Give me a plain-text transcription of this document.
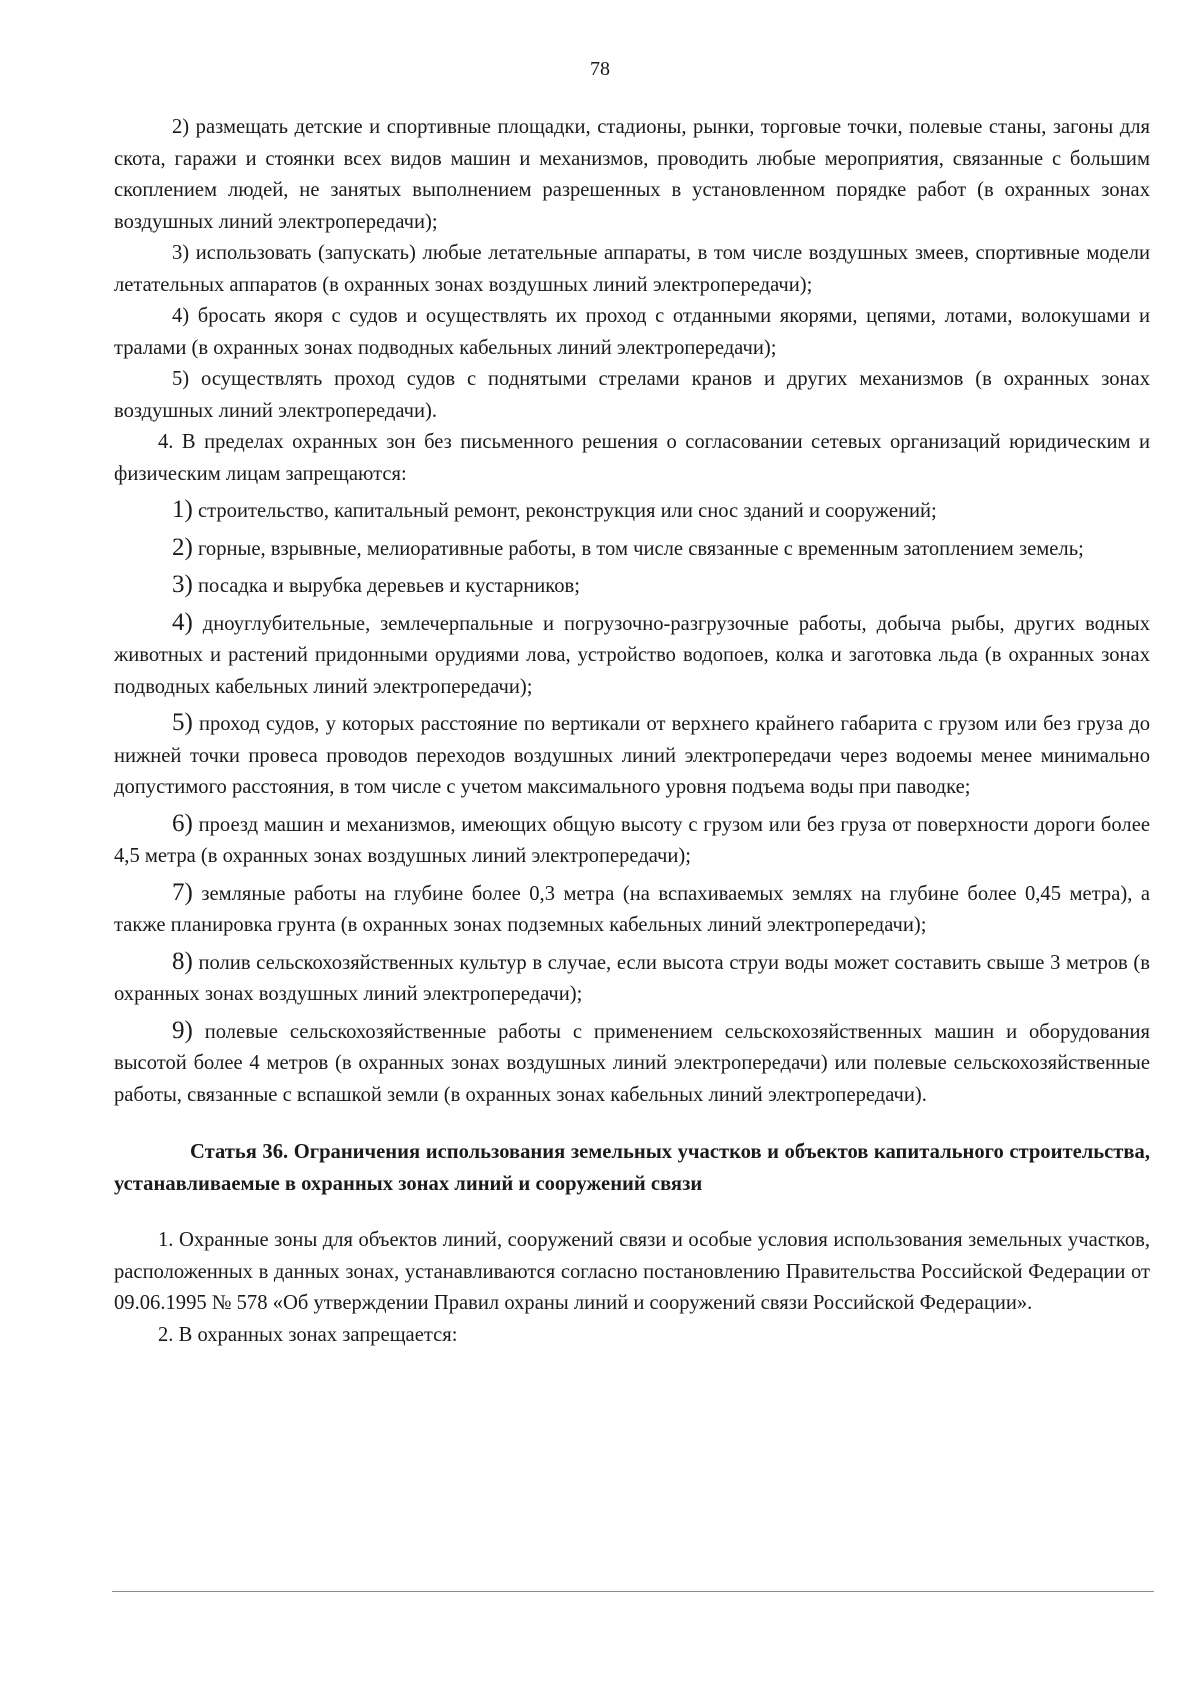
78

2) размещать детские и спортивные площадки, стадионы, рынки, торговые точки, полевые станы, загоны для скота, гаражи и стоянки всех видов машин и механизмов, проводить любые мероприятия, связанные с большим скоплением людей, не занятых выполнением разрешенных в установленном порядке работ (в охранных зонах воздушных линий электропередачи);

3) использовать (запускать) любые летательные аппараты, в том числе воздушных змеев, спортивные модели летательных аппаратов (в охранных зонах воздушных линий электропередачи);

4) бросать якоря с судов и осуществлять их проход с отданными якорями, цепями, лотами, волокушами и тралами (в охранных зонах подводных кабельных линий электропередачи);

5) осуществлять проход судов с поднятыми стрелами кранов и других механизмов (в охранных зонах воздушных линий электропередачи).

4. В пределах охранных зон без письменного решения о согласовании сетевых организаций юридическим и физическим лицам запрещаются:

1) строительство, капитальный ремонт, реконструкция или снос зданий и сооружений;

2) горные, взрывные, мелиоративные работы, в том числе связанные с временным затоплением земель;

3) посадка и вырубка деревьев и кустарников;

4) дноуглубительные, землечерпальные и погрузочно-разгрузочные работы, добыча рыбы, других водных животных и растений придонными орудиями лова, устройство водопоев, колка и заготовка льда (в охранных зонах подводных кабельных линий электропередачи);

5) проход судов, у которых расстояние по вертикали от верхнего крайнего габарита с грузом или без груза до нижней точки провеса проводов переходов воздушных линий электропередачи через водоемы менее минимально допустимого расстояния, в том числе с учетом максимального уровня подъема воды при паводке;

6) проезд машин и механизмов, имеющих общую высоту с грузом или без груза от поверхности дороги более 4,5 метра (в охранных зонах воздушных линий электропередачи);

7) земляные работы на глубине более 0,3 метра (на вспахиваемых землях на глубине более 0,45 метра), а также планировка грунта (в охранных зонах подземных кабельных линий электропередачи);

8) полив сельскохозяйственных культур в случае, если высота струи воды может составить свыше 3 метров (в охранных зонах воздушных линий электропередачи);

9) полевые сельскохозяйственные работы с применением сельскохозяйственных машин и оборудования высотой более 4 метров (в охранных зонах воздушных линий электропередачи) или полевые сельскохозяйственные работы, связанные с вспашкой земли (в охранных зонах кабельных линий электропередачи).

Статья 36. Ограничения использования земельных участков и объектов капитального строительства, устанавливаемые в охранных зонах линий и сооружений связи

1. Охранные зоны для объектов линий, сооружений связи и особые условия использования земельных участков, расположенных в данных зонах, устанавливаются согласно постановлению Правительства Российской Федерации от 09.06.1995 № 578 «Об утверждении Правил охраны линий и сооружений связи Российской Федерации».

2. В охранных зонах запрещается:
